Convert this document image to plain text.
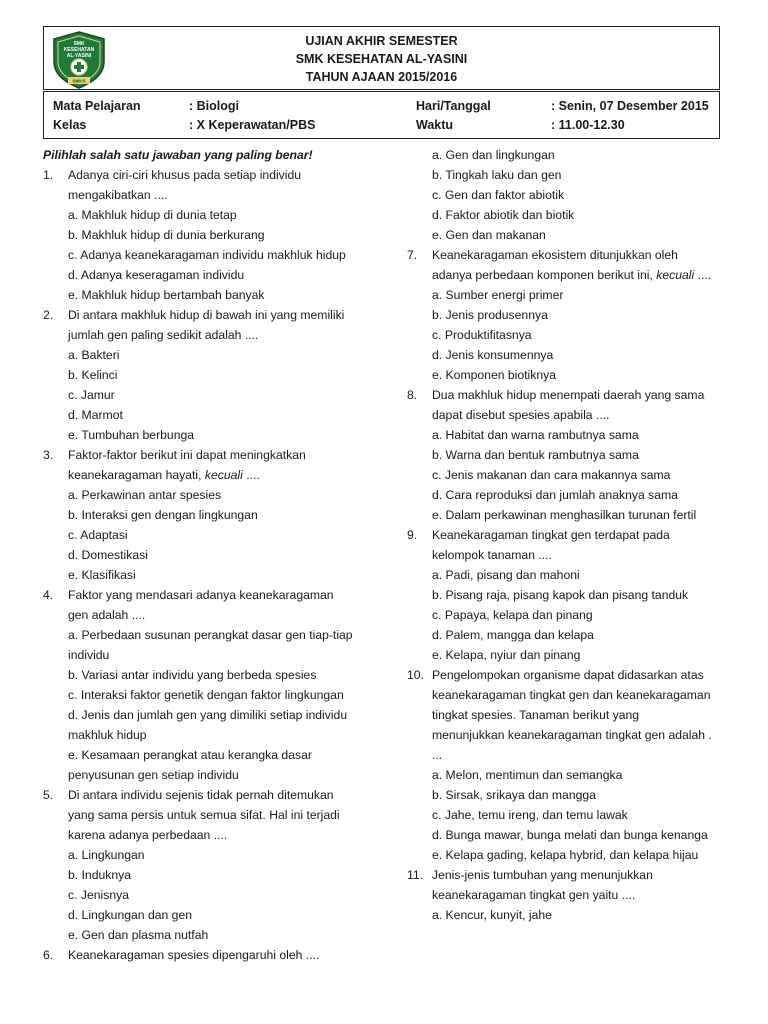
SMK
KESEHATAN
AL-YASINI
SMKS
UJIAN AKHIR SEMESTER
SMK KESEHATAN AL-YASINI
TAHUN AJAAN 2015/2016
Mata Pelajaran	: Biologi	Hari/Tanggal	: Senin, 07 Desember 2015
Kelas	: X Keperawatan/PBS	Waktu	: 11.00-12.30
Pilihlah salah satu jawaban yang paling benar!
1. Adanya ciri-ciri khusus pada setiap individu
mengakibatkan ....
a. Makhluk hidup di dunia tetap
b. Makhluk hidup di dunia berkurang
c. Adanya keanekaragaman individu makhluk hidup
d. Adanya keseragaman individu
e. Makhluk hidup bertambah banyak
2. Di antara makhluk hidup di bawah ini yang memiliki
jumlah gen paling sedikit adalah ....
a. Bakteri
b. Kelinci
c. Jamur
d. Marmot
e. Tumbuhan berbunga
3. Faktor-faktor berikut ini dapat meningkatkan
keanekaragaman hayati, kecuali ....
a. Perkawinan antar spesies
b. Interaksi gen dengan lingkungan
c. Adaptasi
d. Domestikasi
e. Klasifikasi
4. Faktor yang mendasari adanya keanekaragaman
gen adalah ....
a. Perbedaan susunan perangkat dasar gen tiap-tiap
individu
b. Variasi antar individu yang berbeda spesies
c. Interaksi faktor genetik dengan faktor lingkungan
d. Jenis dan jumlah gen yang dimiliki setiap individu
makhluk hidup
e. Kesamaan perangkat atau kerangka dasar
penyusunan gen setiap individu
5. Di antara individu sejenis tidak pernah ditemukan
yang sama persis untuk semua sifat. Hal ini terjadi
karena adanya perbedaan ....
a. Lingkungan
b. Induknya
c. Jenisnya
d. Lingkungan dan gen
e. Gen dan plasma nutfah
6. Keanekaragaman spesies dipengaruhi oleh ....
a. Gen dan lingkungan
b. Tingkah laku dan gen
c. Gen dan faktor abiotik
d. Faktor abiotik dan biotik
e. Gen dan makanan
7. Keanekaragaman ekosistem ditunjukkan oleh
adanya perbedaan komponen berikut ini, kecuali ....
a. Sumber energi primer
b. Jenis produsennya
c. Produktifitasnya
d. Jenis konsumennya
e. Komponen biotiknya
8. Dua makhluk hidup menempati daerah yang sama
dapat disebut spesies apabila ....
a. Habitat dan warna rambutnya sama
b. Warna dan bentuk rambutnya sama
c. Jenis makanan dan cara makannya sama
d. Cara reproduksi dan jumlah anaknya sama
e. Dalam perkawinan menghasilkan turunan fertil
9. Keanekaragaman tingkat gen terdapat pada
kelompok tanaman ....
a. Padi, pisang dan mahoni
b. Pisang raja, pisang kapok dan pisang tanduk
c. Papaya, kelapa dan pinang
d. Palem, mangga dan kelapa
e. Kelapa, nyiur dan pinang
10. Pengelompokan organisme dapat didasarkan atas
keanekaragaman tingkat gen dan keanekaragaman
tingkat spesies. Tanaman berikut yang
menunjukkan keanekaragaman tingkat gen adalah .
...
a. Melon, mentimun dan semangka
b. Sirsak, srikaya dan mangga
c. Jahe, temu ireng, dan temu lawak
d. Bunga mawar, bunga melati dan bunga kenanga
e. Kelapa gading, kelapa hybrid, dan kelapa hijau
11. Jenis-jenis tumbuhan yang menunjukkan
keanekaragaman tingkat gen yaitu ....
a. Kencur, kunyit, jahe
